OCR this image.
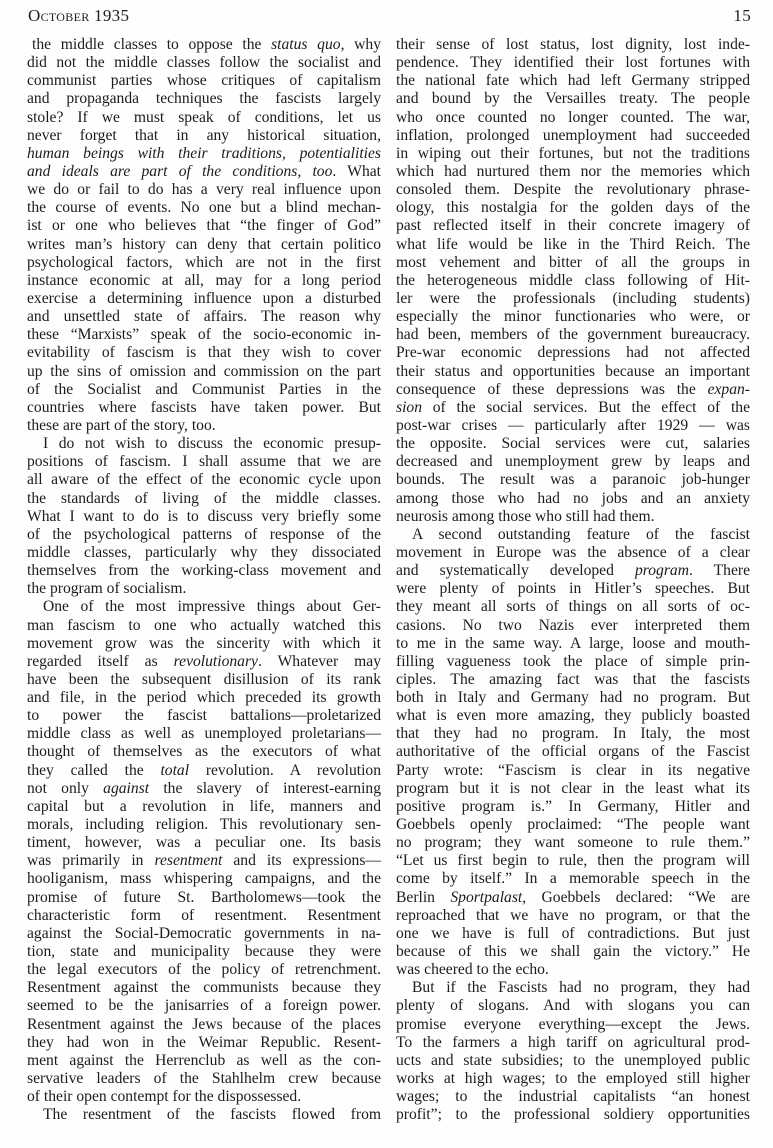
October 1935	15
the middle classes to oppose the status quo, why
did not the middle classes follow the socialist and
communist parties whose critiques of capitalism
and propaganda techniques the fascists largely
stole? If we must speak of conditions, let us
never forget that in any historical situation,
human beings with their traditions, potentialities
and ideals are part of the conditions, too. What
we do or fail to do has a very real influence upon
the course of events. No one but a blind mechan-
ist or one who believes that “the finger of God”
writes man’s history can deny that certain politico
psychological factors, which are not in the first
instance economic at all, may for a long period
exercise a determining influence upon a disturbed
and unsettled state of affairs. The reason why
these “Marxists” speak of the socio-economic in-
evitability of fascism is that they wish to cover
up the sins of omission and commission on the part
of the Socialist and Communist Parties in the
countries where fascists have taken power. But
these are part of the story, too.
I do not wish to discuss the economic presup-
positions of fascism. I shall assume that we are
all aware of the effect of the economic cycle upon
the standards of living of the middle classes.
What I want to do is to discuss very briefly some
of the psychological patterns of response of the
middle classes, particularly why they dissociated
themselves from the working-class movement and
the program of socialism.
One of the most impressive things about Ger-
man fascism to one who actually watched this
movement grow was the sincerity with which it
regarded itself as revolutionary. Whatever may
have been the subsequent disillusion of its rank
and file, in the period which preceded its growth
to power the fascist battalions—proletarized
middle class as well as unemployed proletarians—
thought of themselves as the executors of what
they called the total revolution. A revolution
not only against the slavery of interest-earning
capital but a revolution in life, manners and
morals, including religion. This revolutionary sen-
timent, however, was a peculiar one. Its basis
was primarily in resentment and its expressions—
hooliganism, mass whispering campaigns, and the
promise of future St. Bartholomews—took the
characteristic form of resentment. Resentment
against the Social-Democratic governments in na-
tion, state and municipality because they were
the legal executors of the policy of retrenchment.
Resentment against the communists because they
seemed to be the janisarries of a foreign power.
Resentment against the Jews because of the places
they had won in the Weimar Republic. Resent-
ment against the Herrenclub as well as the con-
servative leaders of the Stahlhelm crew because
of their open contempt for the dispossessed.
The resentment of the fascists flowed from
their sense of lost status, lost dignity, lost inde-
pendence. They identified their lost fortunes with
the national fate which had left Germany stripped
and bound by the Versailles treaty. The people
who once counted no longer counted. The war,
inflation, prolonged unemployment had succeeded
in wiping out their fortunes, but not the traditions
which had nurtured them nor the memories which
consoled them. Despite the revolutionary phrase-
ology, this nostalgia for the golden days of the
past reflected itself in their concrete imagery of
what life would be like in the Third Reich. The
most vehement and bitter of all the groups in
the heterogeneous middle class following of Hit-
ler were the professionals (including students)
especially the minor functionaries who were, or
had been, members of the government bureaucracy.
Pre-war economic depressions had not affected
their status and opportunities because an important
consequence of these depressions was the expan-
sion of the social services. But the effect of the
post-war crises — particularly after 1929 — was
the opposite. Social services were cut, salaries
decreased and unemployment grew by leaps and
bounds. The result was a paranoic job-hunger
among those who had no jobs and an anxiety
neurosis among those who still had them.
A second outstanding feature of the fascist
movement in Europe was the absence of a clear
and systematically developed program. There
were plenty of points in Hitler’s speeches. But
they meant all sorts of things on all sorts of oc-
casions. No two Nazis ever interpreted them
to me in the same way. A large, loose and mouth-
filling vagueness took the place of simple prin-
ciples. The amazing fact was that the fascists
both in Italy and Germany had no program. But
what is even more amazing, they publicly boasted
that they had no program. In Italy, the most
authoritative of the official organs of the Fascist
Party wrote: “Fascism is clear in its negative
program but it is not clear in the least what its
positive program is.” In Germany, Hitler and
Goebbels openly proclaimed: “The people want
no program; they want someone to rule them.”
“Let us first begin to rule, then the program will
come by itself.” In a memorable speech in the
Berlin Sportpalast, Goebbels declared: “We are
reproached that we have no program, or that the
one we have is full of contradictions. But just
because of this we shall gain the victory.” He
was cheered to the echo.
But if the Fascists had no program, they had
plenty of slogans. And with slogans you can
promise everyone everything—except the Jews.
To the farmers a high tariff on agricultural prod-
ucts and state subsidies; to the unemployed public
works at high wages; to the employed still higher
wages; to the industrial capitalists “an honest
profit”; to the professional soldiery opportunities
